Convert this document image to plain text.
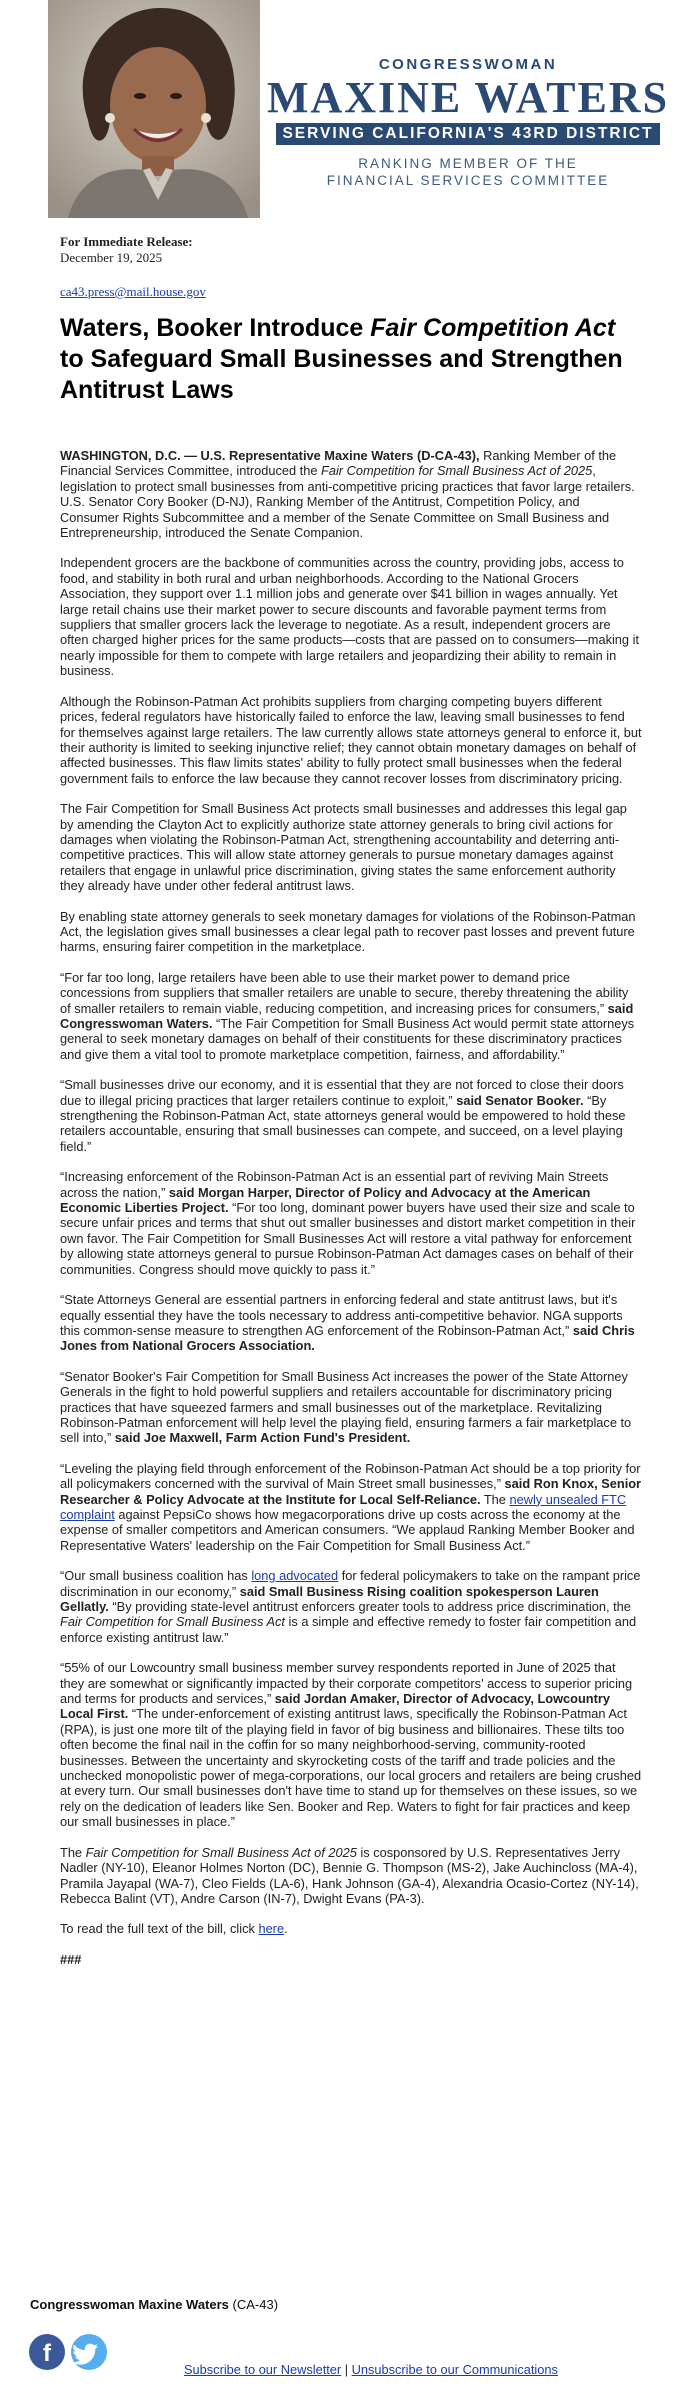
CONGRESSWOMAN
MAXINE WATERS
SERVING CALIFORNIA'S 43RD DISTRICT
RANKING MEMBER OF THE
FINANCIAL SERVICES COMMITTEE
For Immediate Release:
December 19, 2025
ca43.press@mail.house.gov
Waters, Booker Introduce Fair Competition Act to Safeguard Small Businesses and Strengthen Antitrust Laws

WASHINGTON, D.C. — U.S. Representative Maxine Waters (D-CA-43), Ranking Member of the Financial Services Committee, introduced the Fair Competition for Small Business Act of 2025, legislation to protect small businesses from anti-competitive pricing practices that favor large retailers. U.S. Senator Cory Booker (D-NJ), Ranking Member of the Antitrust, Competition Policy, and Consumer Rights Subcommittee and a member of the Senate Committee on Small Business and Entrepreneurship, introduced the Senate Companion.

Independent grocers are the backbone of communities across the country, providing jobs, access to food, and stability in both rural and urban neighborhoods. According to the National Grocers Association, they support over 1.1 million jobs and generate over $41 billion in wages annually. Yet large retail chains use their market power to secure discounts and favorable payment terms from suppliers that smaller grocers lack the leverage to negotiate. As a result, independent grocers are often charged higher prices for the same products—costs that are passed on to consumers—making it nearly impossible for them to compete with large retailers and jeopardizing their ability to remain in business.

Although the Robinson-Patman Act prohibits suppliers from charging competing buyers different prices, federal regulators have historically failed to enforce the law, leaving small businesses to fend for themselves against large retailers. The law currently allows state attorneys general to enforce it, but their authority is limited to seeking injunctive relief; they cannot obtain monetary damages on behalf of affected businesses. This flaw limits states' ability to fully protect small businesses when the federal government fails to enforce the law because they cannot recover losses from discriminatory pricing.

The Fair Competition for Small Business Act protects small businesses and addresses this legal gap by amending the Clayton Act to explicitly authorize state attorney generals to bring civil actions for damages when violating the Robinson-Patman Act, strengthening accountability and deterring anti-competitive practices. This will allow state attorney generals to pursue monetary damages against retailers that engage in unlawful price discrimination, giving states the same enforcement authority they already have under other federal antitrust laws.

By enabling state attorney generals to seek monetary damages for violations of the Robinson-Patman Act, the legislation gives small businesses a clear legal path to recover past losses and prevent future harms, ensuring fairer competition in the marketplace.

“For far too long, large retailers have been able to use their market power to demand price concessions from suppliers that smaller retailers are unable to secure, thereby threatening the ability of smaller retailers to remain viable, reducing competition, and increasing prices for consumers,” said Congresswoman Waters. “The Fair Competition for Small Business Act would permit state attorneys general to seek monetary damages on behalf of their constituents for these discriminatory practices and give them a vital tool to promote marketplace competition, fairness, and affordability.”

“Small businesses drive our economy, and it is essential that they are not forced to close their doors due to illegal pricing practices that larger retailers continue to exploit,” said Senator Booker. “By strengthening the Robinson-Patman Act, state attorneys general would be empowered to hold these retailers accountable, ensuring that small businesses can compete, and succeed, on a level playing field.”

“Increasing enforcement of the Robinson-Patman Act is an essential part of reviving Main Streets across the nation,” said Morgan Harper, Director of Policy and Advocacy at the American Economic Liberties Project. “For too long, dominant power buyers have used their size and scale to secure unfair prices and terms that shut out smaller businesses and distort market competition in their own favor. The Fair Competition for Small Businesses Act will restore a vital pathway for enforcement by allowing state attorneys general to pursue Robinson-Patman Act damages cases on behalf of their communities. Congress should move quickly to pass it.”

“State Attorneys General are essential partners in enforcing federal and state antitrust laws, but it's equally essential they have the tools necessary to address anti-competitive behavior. NGA supports this common-sense measure to strengthen AG enforcement of the Robinson-Patman Act,” said Chris Jones from National Grocers Association.

“Senator Booker's Fair Competition for Small Business Act increases the power of the State Attorney Generals in the fight to hold powerful suppliers and retailers accountable for discriminatory pricing practices that have squeezed farmers and small businesses out of the marketplace. Revitalizing Robinson-Patman enforcement will help level the playing field, ensuring farmers a fair marketplace to sell into,” said Joe Maxwell, Farm Action Fund's President.

“Leveling the playing field through enforcement of the Robinson-Patman Act should be a top priority for all policymakers concerned with the survival of Main Street small businesses,” said Ron Knox, Senior Researcher & Policy Advocate at the Institute for Local Self-Reliance. The newly unsealed FTC complaint against PepsiCo shows how megacorporations drive up costs across the economy at the expense of smaller competitors and American consumers. “We applaud Ranking Member Booker and Representative Waters' leadership on the Fair Competition for Small Business Act.”

“Our small business coalition has long advocated for federal policymakers to take on the rampant price discrimination in our economy,” said Small Business Rising coalition spokesperson Lauren Gellatly. “By providing state-level antitrust enforcers greater tools to address price discrimination, the Fair Competition for Small Business Act is a simple and effective remedy to foster fair competition and enforce existing antitrust law.”

“55% of our Lowcountry small business member survey respondents reported in June of 2025 that they are somewhat or significantly impacted by their corporate competitors' access to superior pricing and terms for products and services,” said Jordan Amaker, Director of Advocacy, Lowcountry Local First. “The under-enforcement of existing antitrust laws, specifically the Robinson-Patman Act (RPA), is just one more tilt of the playing field in favor of big business and billionaires. These tilts too often become the final nail in the coffin for so many neighborhood-serving, community-rooted businesses. Between the uncertainty and skyrocketing costs of the tariff and trade policies and the unchecked monopolistic power of mega-corporations, our local grocers and retailers are being crushed at every turn. Our small businesses don't have time to stand up for themselves on these issues, so we rely on the dedication of leaders like Sen. Booker and Rep. Waters to fight for fair practices and keep our small businesses in place.”

The Fair Competition for Small Business Act of 2025 is cosponsored by U.S. Representatives Jerry Nadler (NY-10), Eleanor Holmes Norton (DC), Bennie G. Thompson (MS-2), Jake Auchincloss (MA-4), Pramila Jayapal (WA-7), Cleo Fields (LA-6), Hank Johnson (GA-4), Alexandria Ocasio-Cortez (NY-14), Rebecca Balint (VT), Andre Carson (IN-7), Dwight Evans (PA-3).

To read the full text of the bill, click here.

###

Congresswoman Maxine Waters (CA-43)
f
Subscribe to our Newsletter | Unsubscribe to our Communications
